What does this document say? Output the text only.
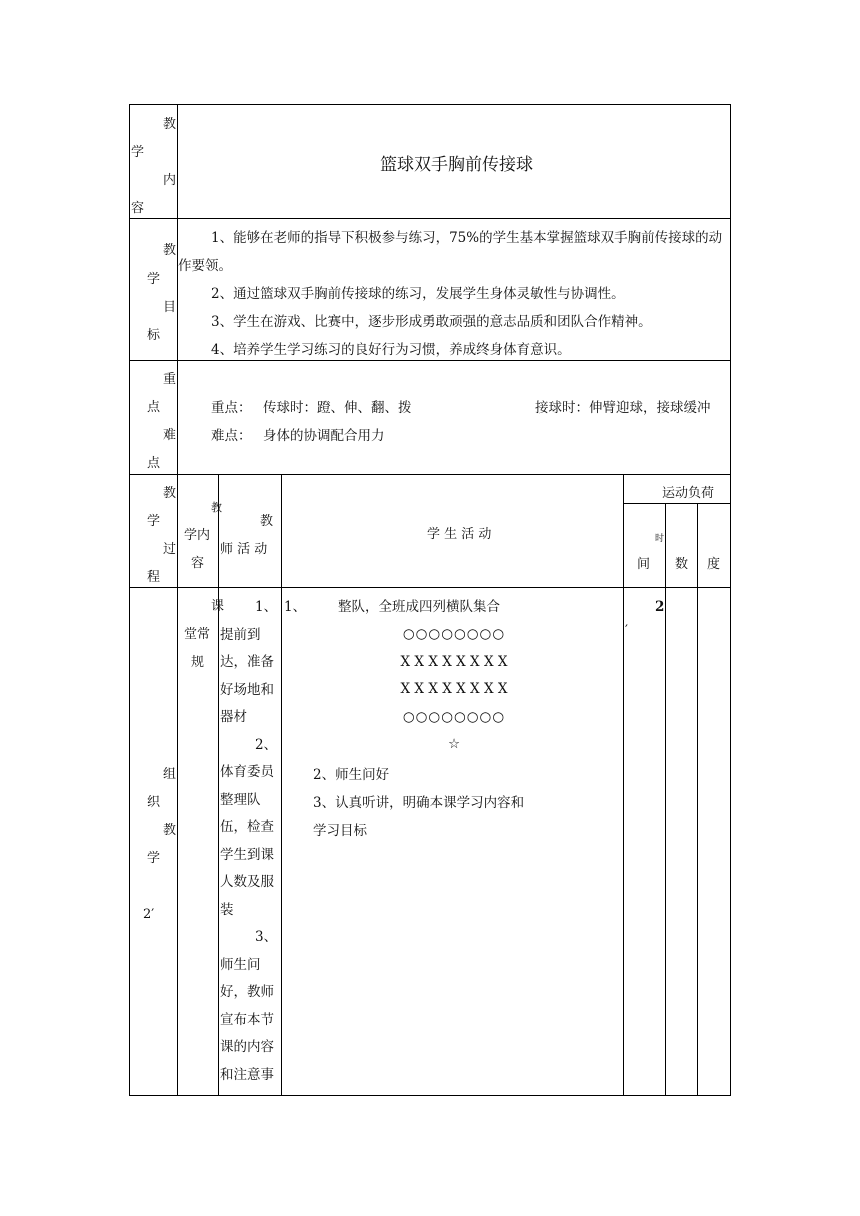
教
学
内
容
篮球双手胸前传接球
教
学
目
标

1、能够在老师的指导下积极参与练习，75%的学生基本掌握篮球双手胸前传接球的动作要领。

2、通过篮球双手胸前传接球的练习，发展学生身体灵敏性与协调性。

3、学生在游戏、比赛中，逐步形成勇敢顽强的意志品质和团队合作精神。

4、培养学生学习练习的良好行为习惯，养成终身体育意识。

重
点
难
点
重点： 传球时：蹬、伸、翻、拨	接球时：伸臂迎球，接球缓冲
难点： 身体的协调配合用力
教
学
过
程
教
学内
容
教
师 活 动
学 生 活 动
运动负荷
时
间 数 度
组
织
教
学
2′
课
堂常
规
1、
提前到
达，准备
好场地和
器材
2、
体育委员
整理队
伍，检查
学生到课
人数及服
装
3、
师生问
好，教师
宣布本节
课的内容
和注意事
1、 整队，全班成四列横队集合
○○○○○○○○
X X X X X X X X
X X X X X X X X
○○○○○○○○
☆
2、师生问好
3、认真听讲，明确本课学习内容和
学习目标
2
′
